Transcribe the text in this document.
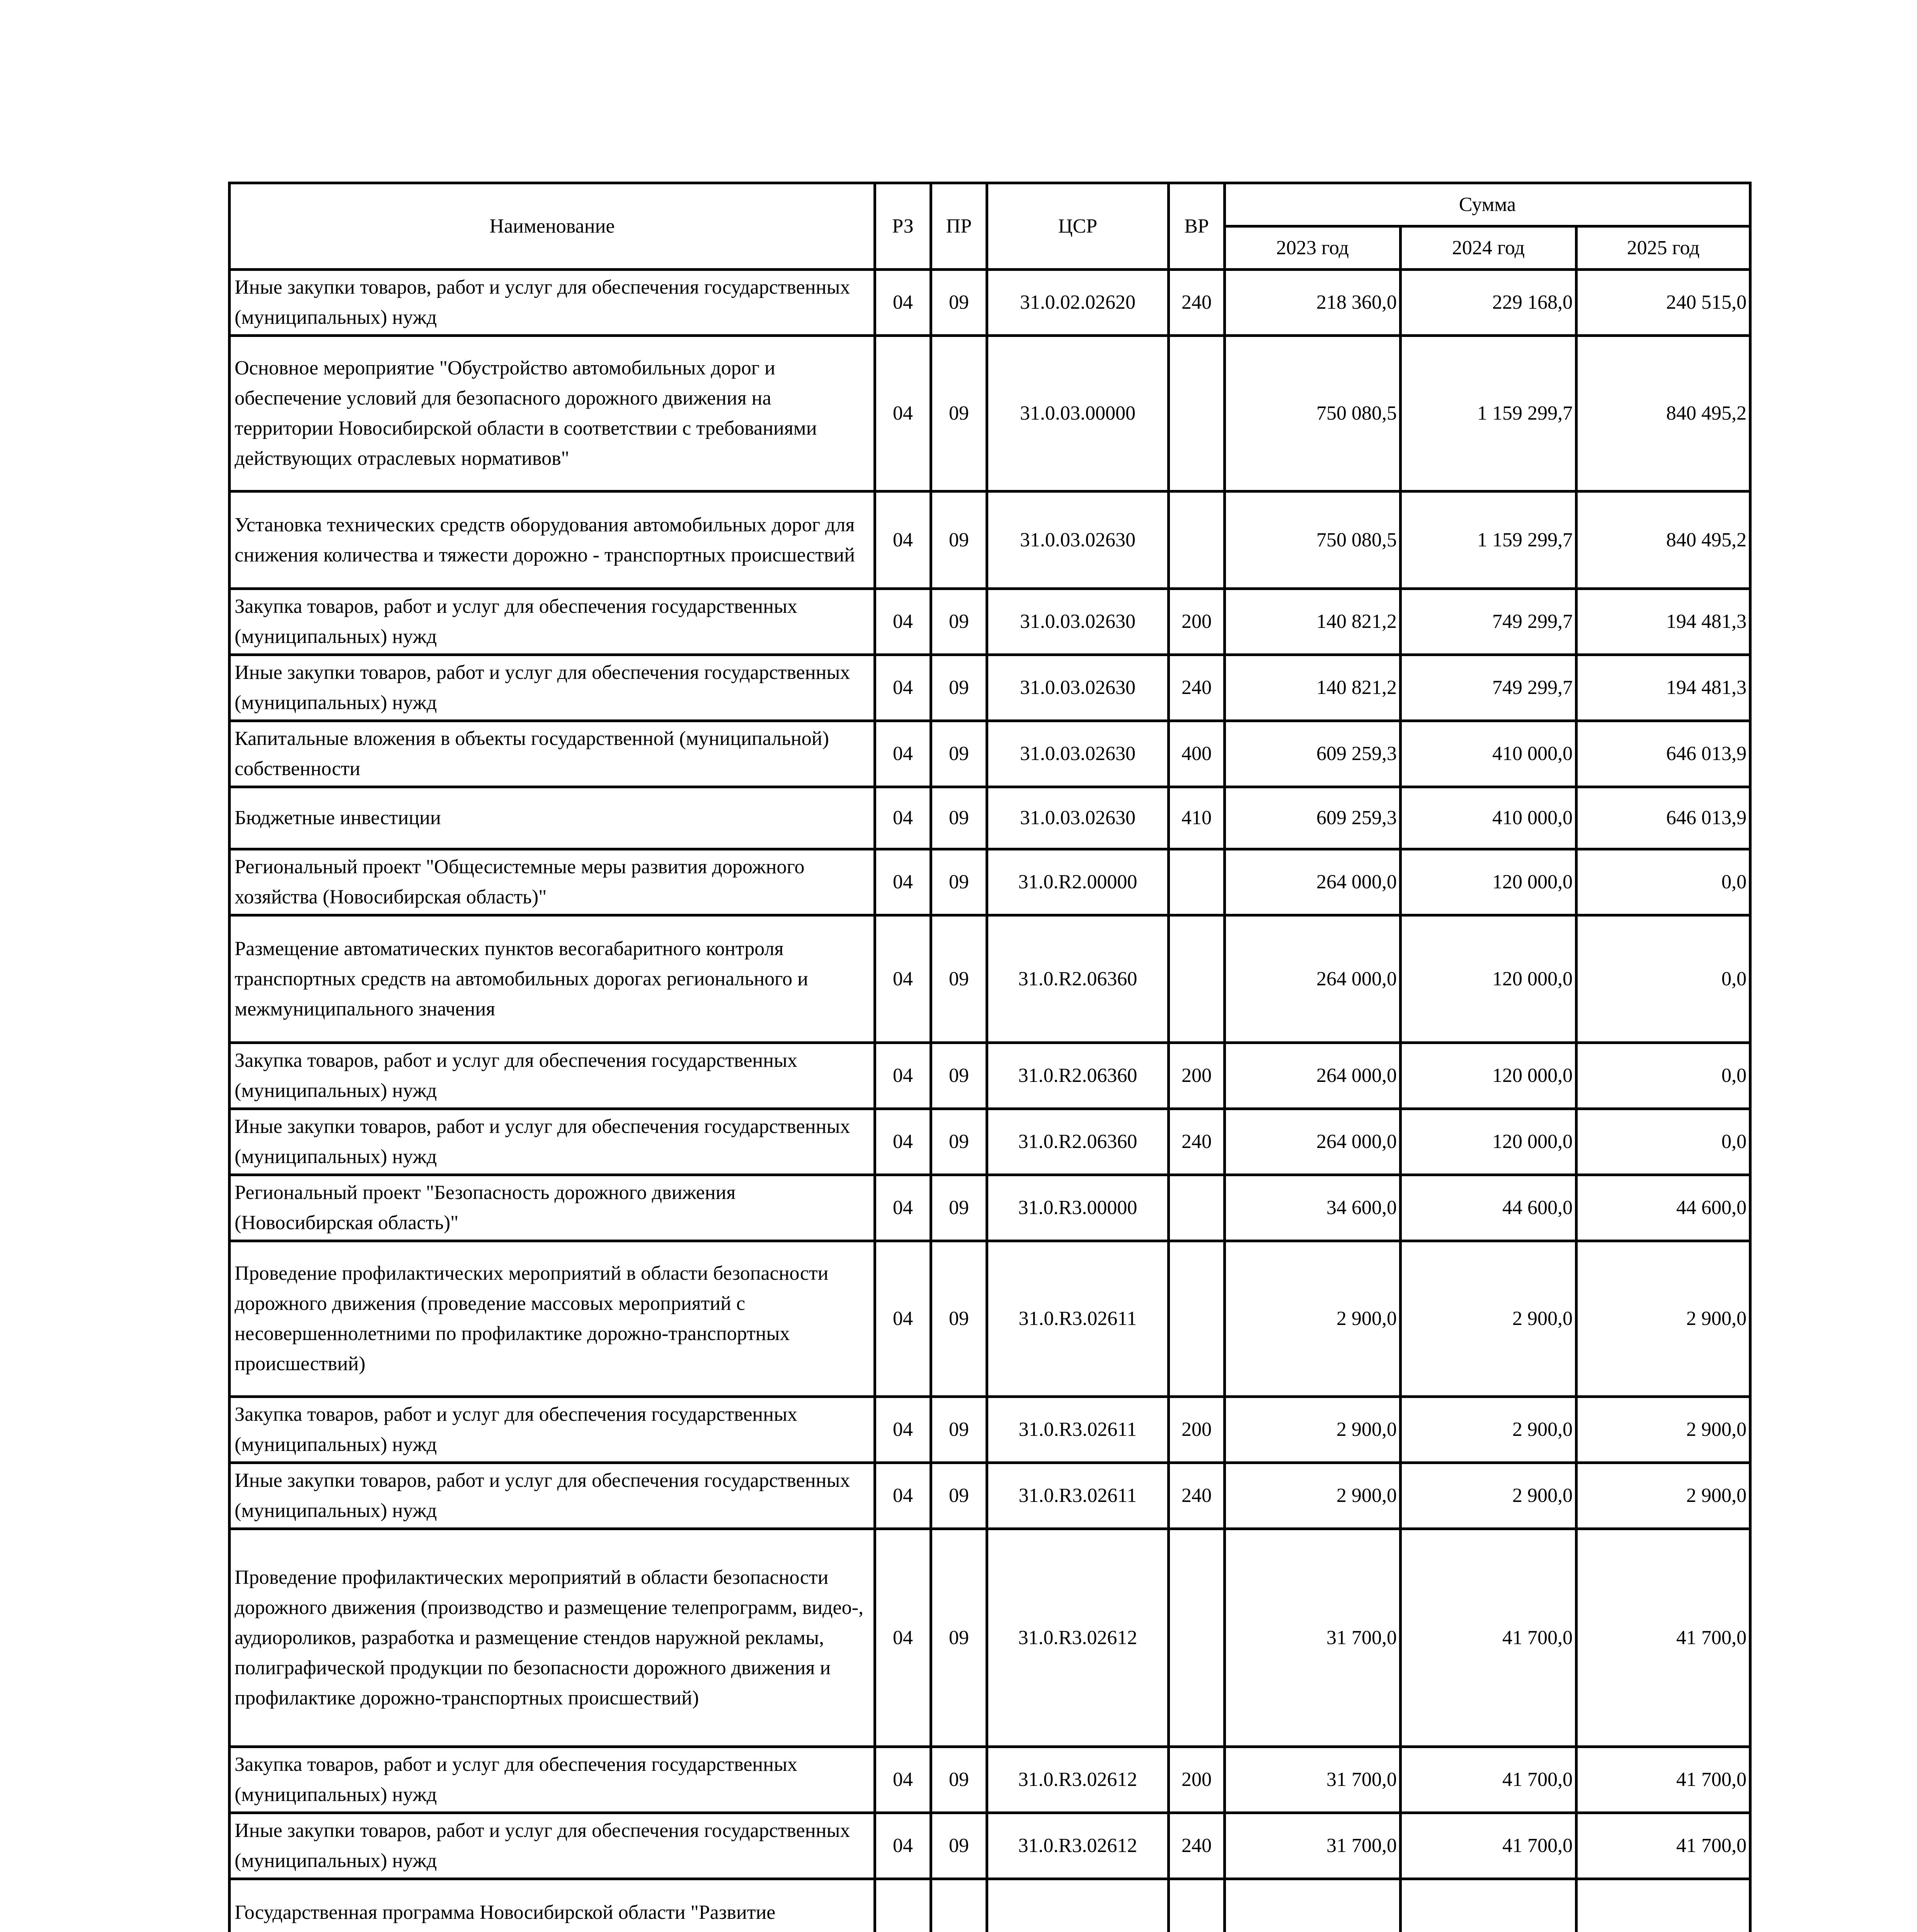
Наименование	РЗ	ПР	ЦСР	ВР	Сумма		
					2023 год	2024 год	2025 год
Иные закупки товаров, работ и услуг для обеспечения государственных (муниципальных) нужд	04	09	31.0.02.02620	240	218 360,0	229 168,0	240 515,0
Основное мероприятие "Обустройство автомобильных дорог и обеспечение условий для безопасного дорожного движения на территории Новосибирской области в соответствии с требованиями действующих отраслевых нормативов"	04	09	31.0.03.00000		750 080,5	1 159 299,7	840 495,2
Установка технических средств оборудования автомобильных дорог для снижения количества и тяжести дорожно - транспортных происшествий	04	09	31.0.03.02630		750 080,5	1 159 299,7	840 495,2
Закупка товаров, работ и услуг для обеспечения государственных (муниципальных) нужд	04	09	31.0.03.02630	200	140 821,2	749 299,7	194 481,3
Иные закупки товаров, работ и услуг для обеспечения государственных (муниципальных) нужд	04	09	31.0.03.02630	240	140 821,2	749 299,7	194 481,3
Капитальные вложения в объекты государственной (муниципальной) собственности	04	09	31.0.03.02630	400	609 259,3	410 000,0	646 013,9
Бюджетные инвестиции	04	09	31.0.03.02630	410	609 259,3	410 000,0	646 013,9
Региональный проект "Общесистемные меры развития дорожного хозяйства (Новосибирская область)"	04	09	31.0.R2.00000		264 000,0	120 000,0	0,0
Размещение автоматических пунктов весогабаритного контроля транспортных средств на автомобильных дорогах регионального и межмуниципального значения	04	09	31.0.R2.06360		264 000,0	120 000,0	0,0
Закупка товаров, работ и услуг для обеспечения государственных (муниципальных) нужд	04	09	31.0.R2.06360	200	264 000,0	120 000,0	0,0
Иные закупки товаров, работ и услуг для обеспечения государственных (муниципальных) нужд	04	09	31.0.R2.06360	240	264 000,0	120 000,0	0,0
Региональный проект "Безопасность дорожного движения (Новосибирская область)"	04	09	31.0.R3.00000		34 600,0	44 600,0	44 600,0
Проведение профилактических мероприятий в области безопасности дорожного движения (проведение массовых мероприятий с несовершеннолетними по профилактике дорожно-транспортных происшествий)	04	09	31.0.R3.02611		2 900,0	2 900,0	2 900,0
Закупка товаров, работ и услуг для обеспечения государственных (муниципальных) нужд	04	09	31.0.R3.02611	200	2 900,0	2 900,0	2 900,0
Иные закупки товаров, работ и услуг для обеспечения государственных (муниципальных) нужд	04	09	31.0.R3.02611	240	2 900,0	2 900,0	2 900,0
Проведение профилактических мероприятий в области безопасности дорожного движения (производство и размещение телепрограмм, видео-, аудиороликов, разработка и размещение стендов наружной рекламы, полиграфической продукции по безопасности дорожного движения и профилактике дорожно-транспортных происшествий)	04	09	31.0.R3.02612		31 700,0	41 700,0	41 700,0
Закупка товаров, работ и услуг для обеспечения государственных (муниципальных) нужд	04	09	31.0.R3.02612	200	31 700,0	41 700,0	41 700,0
Иные закупки товаров, работ и услуг для обеспечения государственных (муниципальных) нужд	04	09	31.0.R3.02612	240	31 700,0	41 700,0	41 700,0
Государственная программа Новосибирской области "Развитие							
